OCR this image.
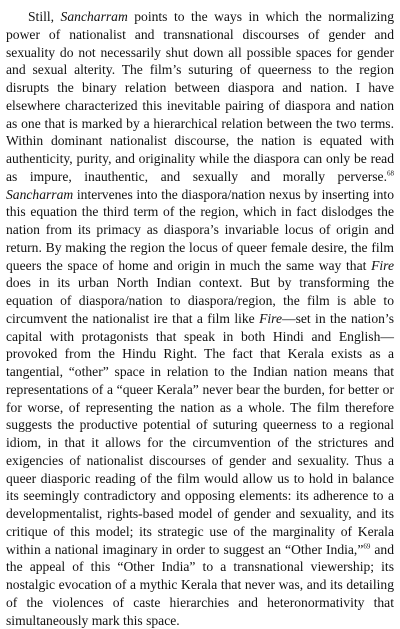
Still, Sancharram points to the ways in which the normalizing power of nationalist and transnational discourses of gender and sexuality do not necessarily shut down all possible spaces for gender and sexual alterity. The film’s suturing of queerness to the region disrupts the binary relation between diaspora and nation. I have elsewhere characterized this inevitable pairing of diaspora and nation as one that is marked by a hierarchical relation between the two terms. Within dominant nationalist discourse, the nation is equated with authenticity, purity, and originality while the diaspora can only be read as impure, inauthentic, and sexually and morally perverse.$^{68}$ Sancharram intervenes into the diaspora/nation nexus by inserting into this equation the third term of the region, which in fact dislodges the nation from its primacy as diaspora’s invariable locus of origin and return. By making the region the locus of queer female desire, the film queers the space of home and origin in much the same way that Fire does in its urban North Indian context. But by transforming the equation of diaspora/nation to diaspora/region, the film is able to circumvent the nationalist ire that a film like Fire—set in the nation’s capital with protagonists that speak in both Hindi and English—provoked from the Hindu Right. The fact that Kerala exists as a tangential, “other” space in relation to the Indian nation means that representations of a “queer Kerala” never bear the burden, for better or for worse, of representing the nation as a whole. The film therefore suggests the productive potential of suturing queerness to a regional idiom, in that it allows for the circumvention of the strictures and exigencies of nationalist discourses of gender and sexuality. Thus a queer diasporic reading of the film would allow us to hold in balance its seemingly contradictory and opposing elements: its adherence to a developmentalist, rights-based model of gender and sexuality, and its critique of this model; its strategic use of the marginality of Kerala within a national imaginary in order to suggest an “Other India,”$^{69}$ and the appeal of this “Other India” to a transnational viewership; its nostalgic evocation of a mythic Kerala that never was, and its detailing of the violences of caste hierarchies and heteronormativity that simultaneously mark this space.
